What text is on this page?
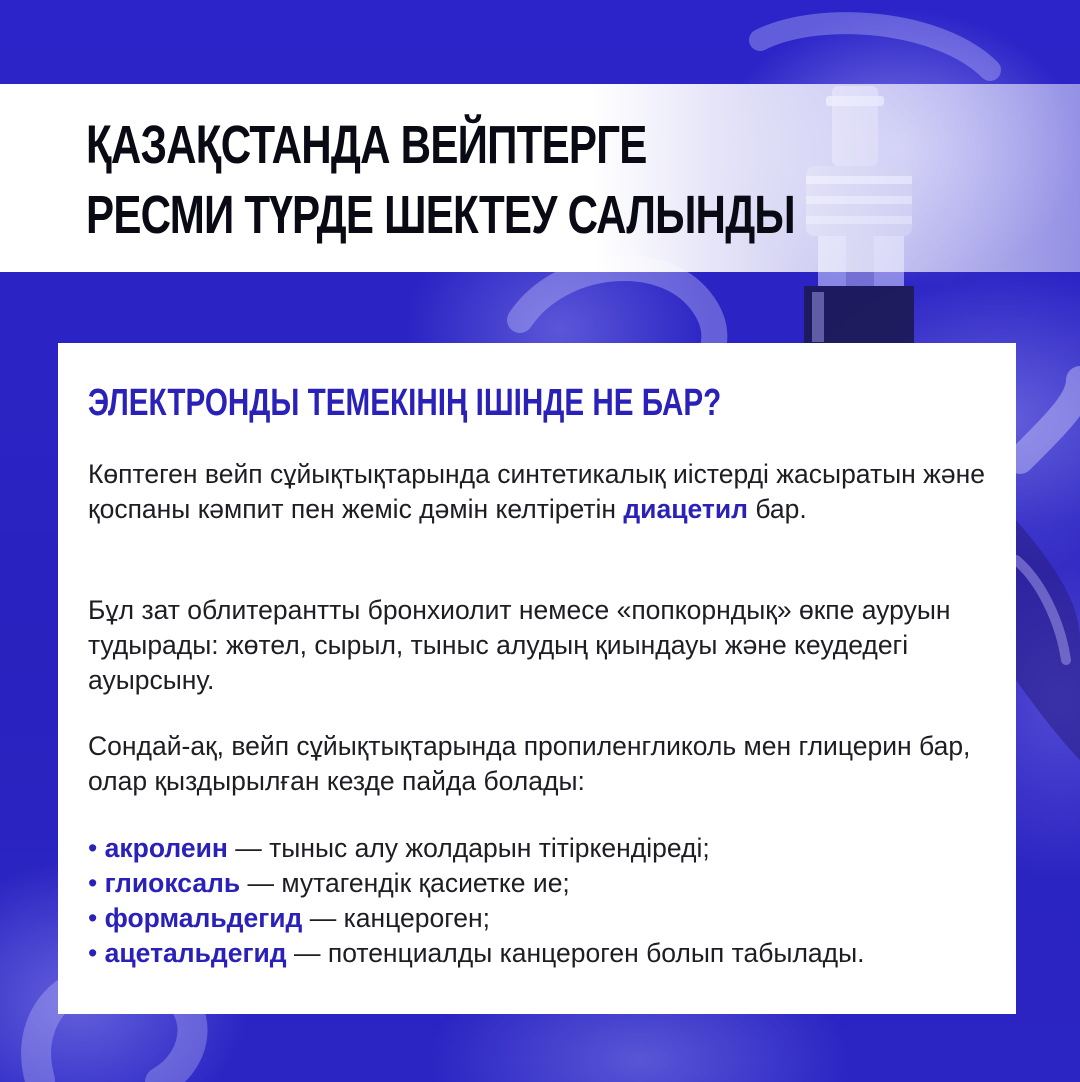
ҚАЗАҚСТАНДА ВЕЙПТЕРГЕ
РЕСМИ ТҮРДЕ ШЕКТЕУ САЛЫНДЫ
ЭЛЕКТРОНДЫ ТЕМЕКІНІҢ ІШІНДЕ НЕ БАР?
Көптеген вейп сұйықтықтарында синтетикалық иістерді жасыратын және қоспаны кәмпит пен жеміс дәмін келтіретін диацетил бар.
Бұл зат облитерантты бронхиолит немесе «попкорндық» өкпе ауруын тудырады: жөтел, сырыл, тыныс алудың қиындауы және кеудедегі ауырсыну.
Сондай-ақ, вейп сұйықтықтарында пропиленгликоль мен глицерин бар, олар қыздырылған кезде пайда болады:
• акролеин — тыныс алу жолдарын тітіркендіреді;
• глиоксаль — мутагендік қасиетке ие;
• формальдегид — канцероген;
• ацетальдегид — потенциалды канцероген болып табылады.
